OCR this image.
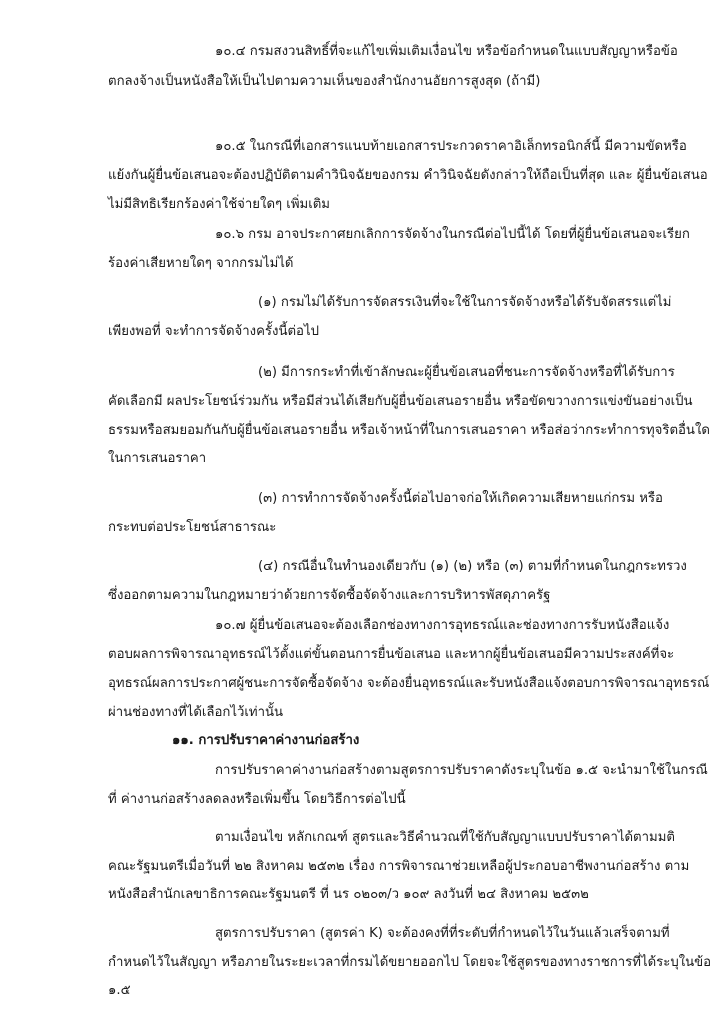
๑๐.๔ กรมสงวนสิทธิ์ที่จะแก้ไขเพิ่มเติมเงื่อนไข หรือข้อกำหนดในแบบสัญญาหรือข้อ
ตกลงจ้างเป็นหนังสือให้เป็นไปตามความเห็นของสำนักงานอัยการสูงสุด (ถ้ามี)
๑๐.๕ ในกรณีที่เอกสารแนบท้ายเอกสารประกวดราคาอิเล็กทรอนิกส์นี้ มีความขัดหรือ
แย้งกันผู้ยื่นข้อเสนอจะต้องปฏิบัติตามคำวินิจฉัยของกรม คำวินิจฉัยดังกล่าวให้ถือเป็นที่สุด และ ผู้ยื่นข้อเสนอ
ไม่มีสิทธิเรียกร้องค่าใช้จ่ายใดๆ เพิ่มเติม
๑๐.๖ กรม อาจประกาศยกเลิกการจัดจ้างในกรณีต่อไปนี้ได้ โดยที่ผู้ยื่นข้อเสนอจะเรียก
ร้องค่าเสียหายใดๆ จากกรมไม่ได้
(๑) กรมไม่ได้รับการจัดสรรเงินที่จะใช้ในการจัดจ้างหรือได้รับจัดสรรแต่ไม่
เพียงพอที่ จะทำการจัดจ้างครั้งนี้ต่อไป
(๒) มีการกระทำที่เข้าลักษณะผู้ยื่นข้อเสนอที่ชนะการจัดจ้างหรือที่ได้รับการ
คัดเลือกมี ผลประโยชน์ร่วมกัน หรือมีส่วนได้เสียกับผู้ยื่นข้อเสนอรายอื่น หรือขัดขวางการแข่งขันอย่างเป็น
ธรรมหรือสมยอมกันกับผู้ยื่นข้อเสนอรายอื่น หรือเจ้าหน้าที่ในการเสนอราคา หรือส่อว่ากระทำการทุจริตอื่นใด
ในการเสนอราคา
(๓) การทำการจัดจ้างครั้งนี้ต่อไปอาจก่อให้เกิดความเสียหายแก่กรม หรือ
กระทบต่อประโยชน์สาธารณะ
(๔) กรณีอื่นในทำนองเดียวกับ (๑) (๒) หรือ (๓) ตามที่กำหนดในกฎกระทรวง
ซึ่งออกตามความในกฎหมายว่าด้วยการจัดซื้อจัดจ้างและการบริหารพัสดุภาครัฐ
๑๐.๗ ผู้ยื่นข้อเสนอจะต้องเลือกช่องทางการอุทธรณ์และช่องทางการรับหนังสือแจ้ง
ตอบผลการพิจารณาอุทธรณ์ไว้ตั้งแต่ขั้นตอนการยื่นข้อเสนอ และหากผู้ยื่นข้อเสนอมีความประสงค์ที่จะ
อุทธรณ์ผลการประกาศผู้ชนะการจัดซื้อจัดจ้าง จะต้องยื่นอุทธรณ์และรับหนังสือแจ้งตอบการพิจารณาอุทธรณ์
ผ่านช่องทางที่ได้เลือกไว้เท่านั้น
๑๑. การปรับราคาค่างานก่อสร้าง
การปรับราคาค่างานก่อสร้างตามสูตรการปรับราคาดังระบุในข้อ ๑.๕ จะนำมาใช้ในกรณี
ที่ ค่างานก่อสร้างลดลงหรือเพิ่มขึ้น โดยวิธีการต่อไปนี้
ตามเงื่อนไข หลักเกณฑ์ สูตรและวิธีคำนวณที่ใช้กับสัญญาแบบปรับราคาได้ตามมติ
คณะรัฐมนตรีเมื่อวันที่ ๒๒ สิงหาคม ๒๕๓๒ เรื่อง การพิจารณาช่วยเหลือผู้ประกอบอาชีพงานก่อสร้าง ตาม
หนังสือสำนักเลขาธิการคณะรัฐมนตรี ที่ นร ๐๒๐๓/ว ๑๐๙ ลงวันที่ ๒๔ สิงหาคม ๒๕๓๒
สูตรการปรับราคา (สูตรค่า K) จะต้องคงที่ที่ระดับที่กำหนดไว้ในวันแล้วเสร็จตามที่
กำหนดไว้ในสัญญา หรือภายในระยะเวลาที่กรมได้ขยายออกไป โดยจะใช้สูตรของทางราชการที่ได้ระบุในข้อ
๑.๕
